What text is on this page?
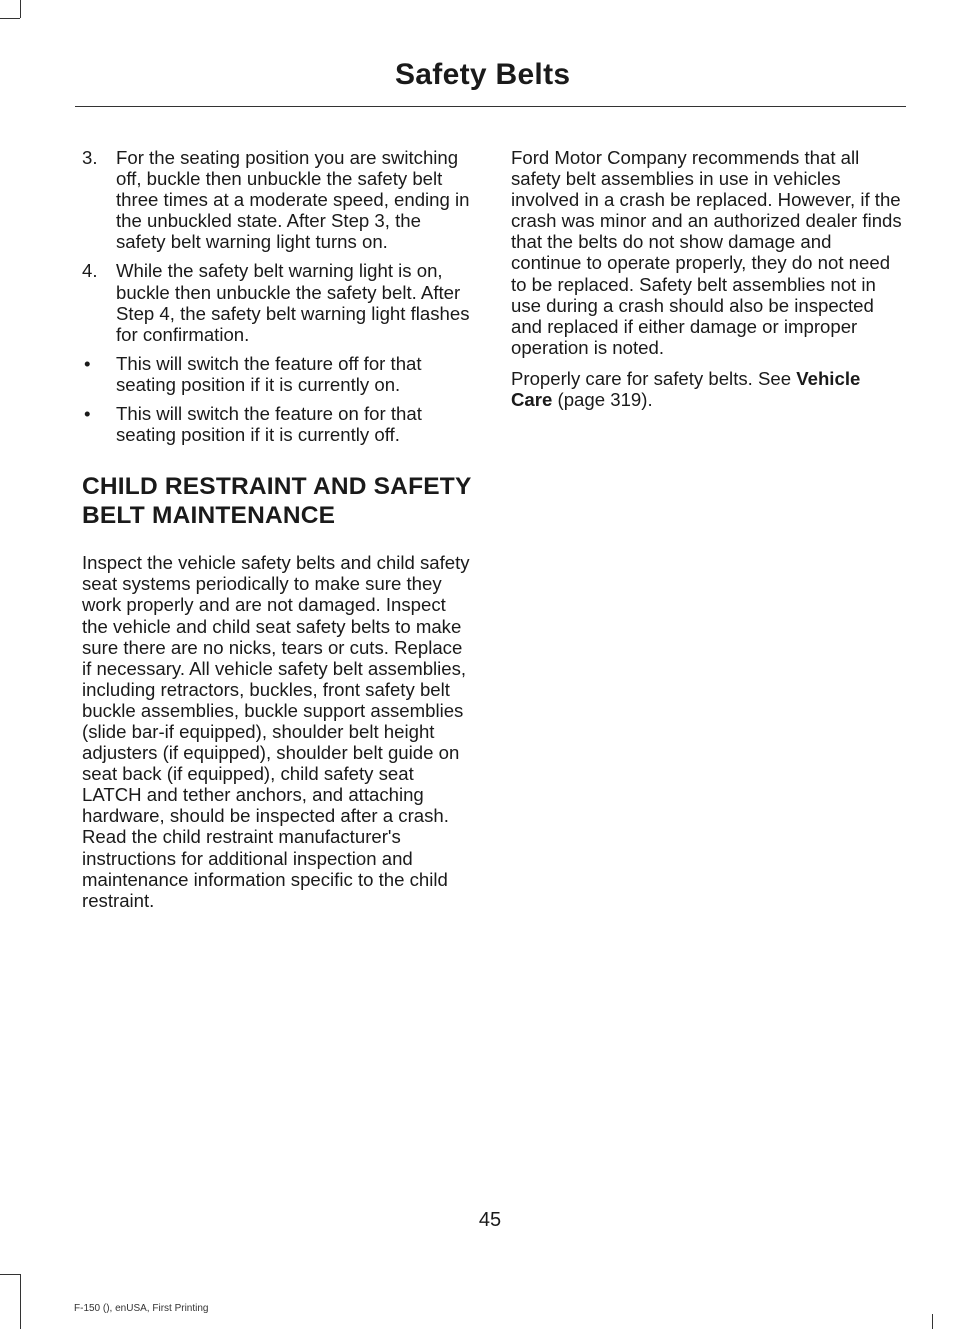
Safety Belts
3. For the seating position you are switching off, buckle then unbuckle the safety belt three times at a moderate speed, ending in the unbuckled state. After Step 3, the safety belt warning light turns on.
4. While the safety belt warning light is on, buckle then unbuckle the safety belt. After Step 4, the safety belt warning light flashes for confirmation.
• This will switch the feature off for that seating position if it is currently on.
• This will switch the feature on for that seating position if it is currently off.
CHILD RESTRAINT AND SAFETY BELT MAINTENANCE

Inspect the vehicle safety belts and child safety seat systems periodically to make sure they work properly and are not damaged. Inspect the vehicle and child seat safety belts to make sure there are no nicks, tears or cuts. Replace if necessary. All vehicle safety belt assemblies, including retractors, buckles, front safety belt buckle assemblies, buckle support assemblies (slide bar-if equipped), shoulder belt height adjusters (if equipped), shoulder belt guide on seat back (if equipped), child safety seat LATCH and tether anchors, and attaching hardware, should be inspected after a crash. Read the child restraint manufacturer's instructions for additional inspection and maintenance information specific to the child restraint.

Ford Motor Company recommends that all safety belt assemblies in use in vehicles involved in a crash be replaced. However, if the crash was minor and an authorized dealer finds that the belts do not show damage and continue to operate properly, they do not need to be replaced. Safety belt assemblies not in use during a crash should also be inspected and replaced if either damage or improper operation is noted.

Properly care for safety belts. See Vehicle Care (page 319).

45
F-150 (), enUSA, First Printing
